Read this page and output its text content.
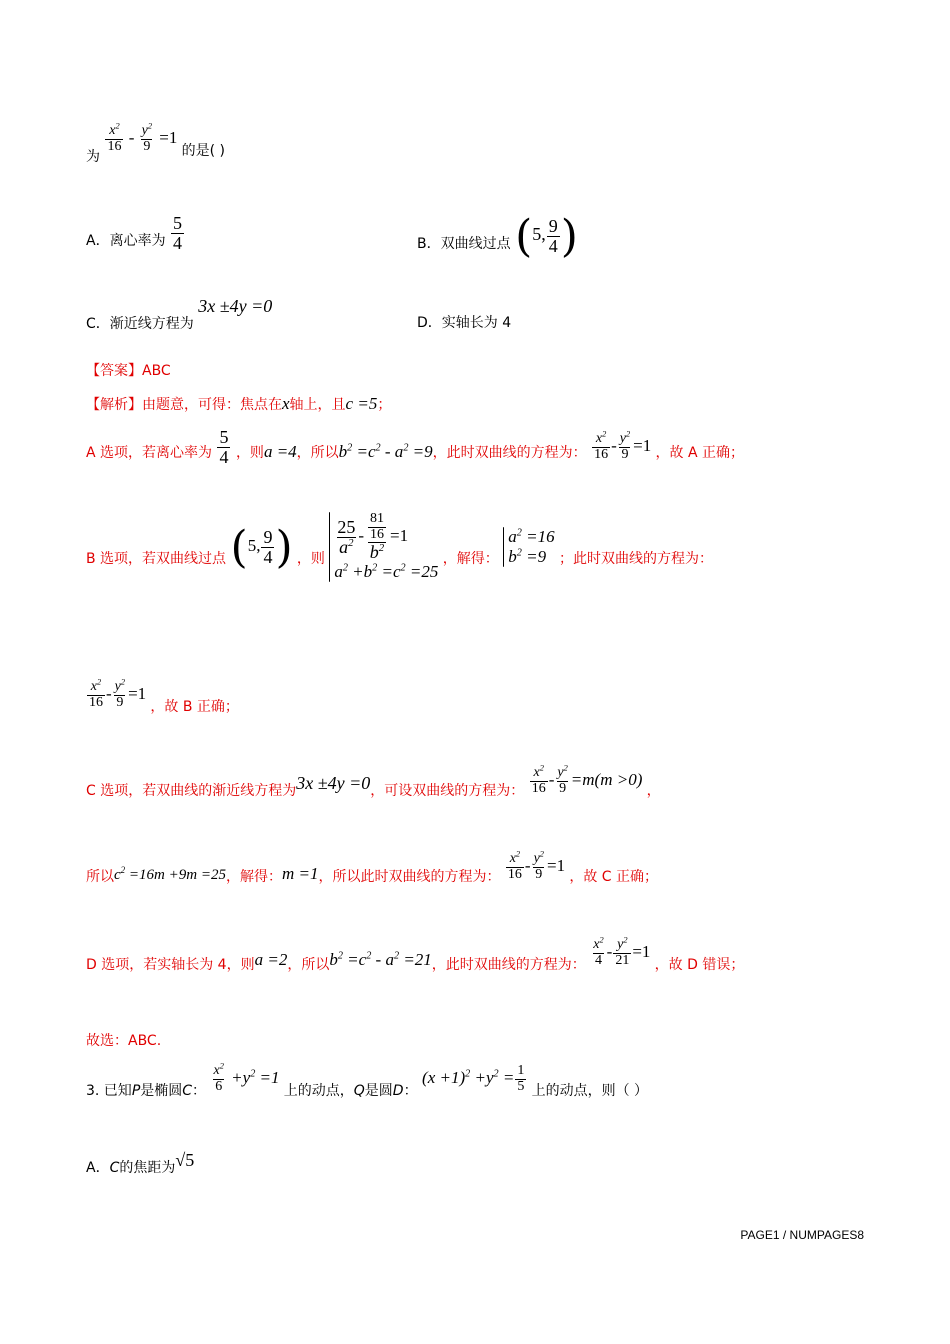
为
$\frac{x^2}{16} - \frac{y^2}{9} =1$ 的是( )
A．离心率为 $\frac{5}{4}$	B．双曲线过点 (5, $\frac{9}{4}$ )
C．渐近线方程为 3x ±4y =0
D．实轴长为 4
【答案】ABC
【解析】由题意，可得：焦点在x轴上，且c =5；
A 选项，若离心率为 $\frac{5}{4}$ ，则a =4，所以$b^2 =c^2 - a^2 =9$，此时双曲线的方程为： $\frac{x^2}{16} - \frac{y^2}{9} =1$ ，故 A 正确；
B 选项，若双曲线过点 (5, $\frac{9}{4}$ ) ，则
$\frac{25}{a^2} - \frac{\frac{81}{16}}{b^2} =1$
$a^2 +b^2 =c^2 =25$
，解得：
$a^2 =16$
$b^2 =9$ ；此时双曲线的方程为：
$\frac{x^2}{16} - \frac{y^2}{9} =1$ ，故 B 正确；
C 选项，若双曲线的渐近线方程为3x ±4y =0，可设双曲线的方程为： $\frac{x^2}{16} - \frac{y^2}{9} =m(m >0)$ ，
所以$c^2 =16m +9m =25$，解得：m =1，所以此时双曲线的方程为： $\frac{x^2}{16} - \frac{y^2}{9} =1$ ，故 C 正确；
D 选项，若实轴长为 4，则a =2，所以$b^2 =c^2 - a^2 =21$，此时双曲线的方程为： $\frac{x^2}{4} - \frac{y^2}{21} =1$ ，故 D 错误；
故选：ABC.
3. 已知P是椭圆C： $\frac{x^2}{6} +y^2 =1$ 上的动点，Q是圆D： $(x +1)^2 +y^2 = \frac{1}{5}$ 上的动点，则（ ）
A．C的焦距为√5
PAGE1 / NUMPAGES8
